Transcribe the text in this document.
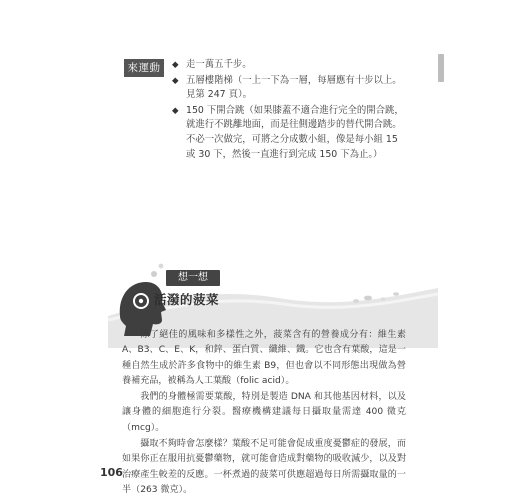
來運動	◆ 走一萬五千步。
◆ 五層樓階梯（一上一下為一層，每層應有十步以上。見第 247 頁）。
◆ 150 下開合跳（如果膝蓋不適合進行完全的開合跳，就進行不跳離地面，而是往側邊踏步的替代開合跳。不必一次做完，可將之分成數小組，像是每小組 15 或 30 下，然後一直進行到完成 150 下為止。）
想一想
活潑的菠菜

除了絕佳的風味和多樣性之外，菠菜含有的營養成分有：維生素 A、B3、C、E、K，和鋅、蛋白質、纖維、鐵。它也含有葉酸，這是一種自然生成於許多食物中的維生素 B9，但也會以不同形態出現做為營養補充品，被稱為人工葉酸（folic acid）。

我們的身體極需要葉酸，特別是製造 DNA 和其他基因材料，以及讓身體的細胞進行分裂。醫療機構建議每日攝取量需達 400 微克（mcg）。

攝取不夠時會怎麼樣？葉酸不足可能會促成重度憂鬱症的發展，而如果你正在服用抗憂鬱藥物，就可能會造成對藥物的吸收減少，以及對治療產生較差的反應。一杯煮過的菠菜可供應超過每日所需攝取量的一半（263 微克）。

106
